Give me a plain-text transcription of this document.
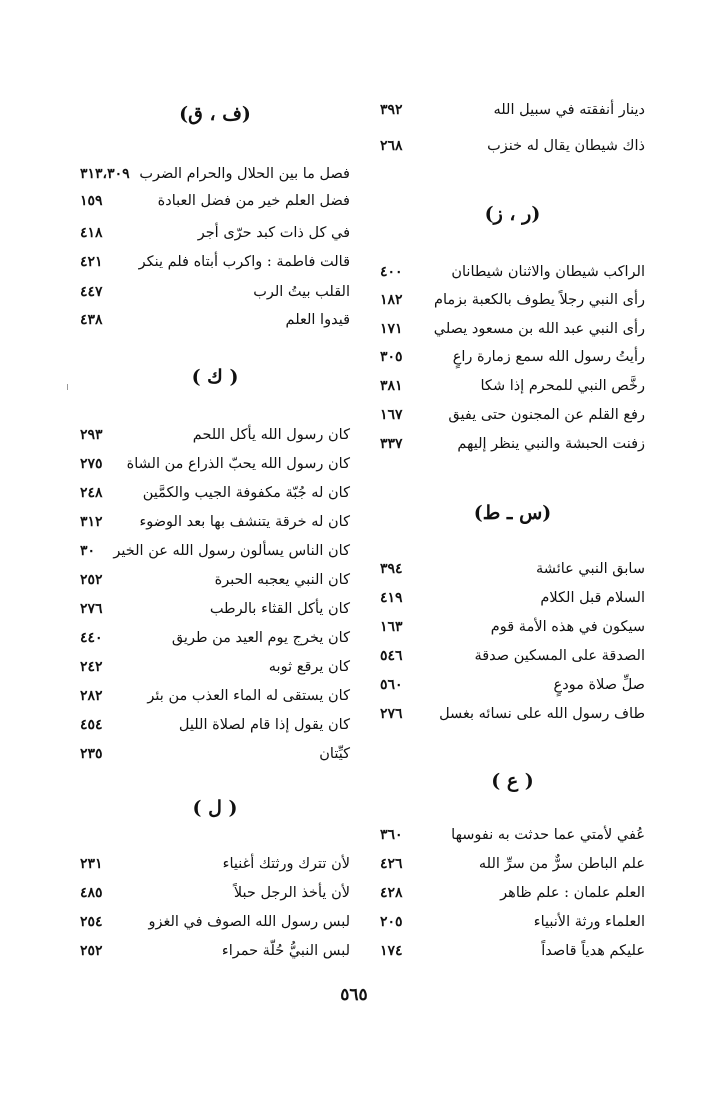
دينار أنفقته في سبيل الله
٣٩٢
ذاك شيطان يقال له خنزب
٢٦٨
(ر ، ز)
الراكب شيطان والاثنان شيطانان
٤٠٠
رأى النبي رجلاً يطوف بالكعبة بزمام
١٨٢
رأى النبي عبد الله بن مسعود يصلي
١٧١
رأيتُ رسول الله سمع زمارة راعٍ
٣٠٥
رخَّص النبي للمحرم إذا شكا
٣٨١
رفع القلم عن المجنون حتى يفيق
١٦٧
زفنت الحبشة والنبي ينظر إليهم
٣٣٧
(س ـ ط)
سابق النبي عائشة
٣٩٤
السلام قبل الكلام
٤١٩
سيكون في هذه الأمة قوم
١٦٣
الصدقة على المسكين صدقة
٥٤٦
صلِّ صلاة مودعٍ
٥٦٠
طاف رسول الله على نسائه بغسل
٢٧٦
( ع )
عُفي لأمتي عما حدثت به نفوسها
٣٦٠
علم الباطن سرٌّ من سرِّ الله
٤٢٦
العلم علمان : علم ظاهر
٤٢٨
العلماء ورثة الأنبياء
٢٠٥
عليكم هدياً قاصداً
١٧٤
(ف ، ق)
فصل ما بين الحلال والحرام الضرب
٣١٣،٣٠٩
فضل العلم خير من فضل العبادة
١٥٩
في كل ذات كبد حرّى أجر
٤١٨
قالت فاطمة : واكرب أبتاه فلم ينكر
٤٢١
القلب بيتُ الرب
٤٤٧
قيدوا العلم
٤٣٨
( ك )
كان رسول الله يأكل اللحم
٢٩٣
كان رسول الله يحبّ الذراع من الشاة
٢٧٥
كان له جُبّة مكفوفة الجيب والكمَّين
٢٤٨
كان له خرقة يتنشف بها بعد الوضوء
٣١٢
كان الناس يسألون رسول الله عن الخير
٣٠
كان النبي يعجبه الحبرة
٢٥٢
كان يأكل القثاء بالرطب
٢٧٦
كان يخرج يوم العيد من طريق
٤٤٠
كان يرقع ثوبه
٢٤٢
كان يستقى له الماء العذب من بئر
٢٨٢
كان يقول إذا قام لصلاة الليل
٤٥٤
كيِّتان
٢٣٥
( ل )
لأن تترك ورثتك أغنياء
٢٣١
لأن يأخذ الرجل حبلاً
٤٨٥
لبس رسول الله الصوف في الغزو
٢٥٤
لبس النبيُّ حُلّة حمراء
٢٥٢
٥٦٥
